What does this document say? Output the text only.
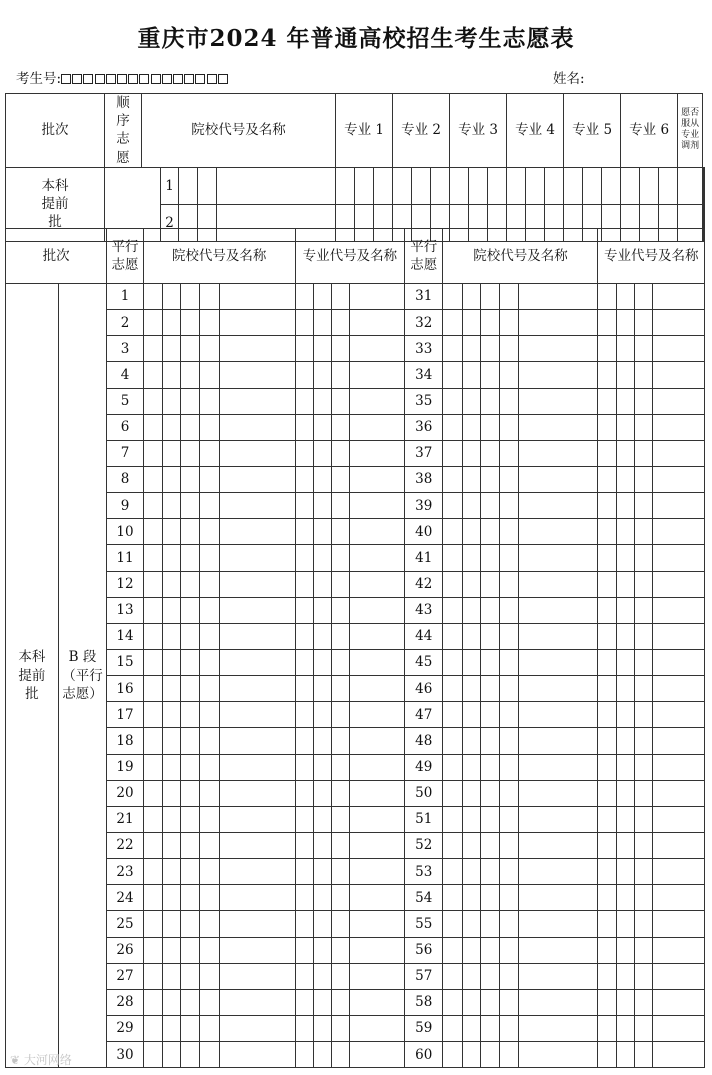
重庆市2024 年普通高校招生考生志愿表
考生号:	姓名:
批次	顺序志愿	院校代号及名称					专业 1			专业 2			专业 3			专业 4			专业 5			专业 6			愿否服从专业调剂	

本科提前批			1																								
			2																								
批次		平行志愿	院校代号及名称					专业代号及名称				平行志愿	院校代号及名称					专业代号及名称			

本科提前批	B 段（平行志愿）	1										31									
		2										32									
		3										33									
		4										34									
		5										35									
		6										36									
		7										37									
		8										38									
		9										39									
		10										40									
		11										41									
		12										42									
		13										43									
		14										44									
		15										45									
		16										46									
		17										47									
		18										48									
		19										49									
		20										50									
		21										51									
		22										52									
		23										53									
		24										54									
		25										55									
		26										56									
		27										57									
		28										58									
		29										59									
		30										60									
❦ 大河网络
